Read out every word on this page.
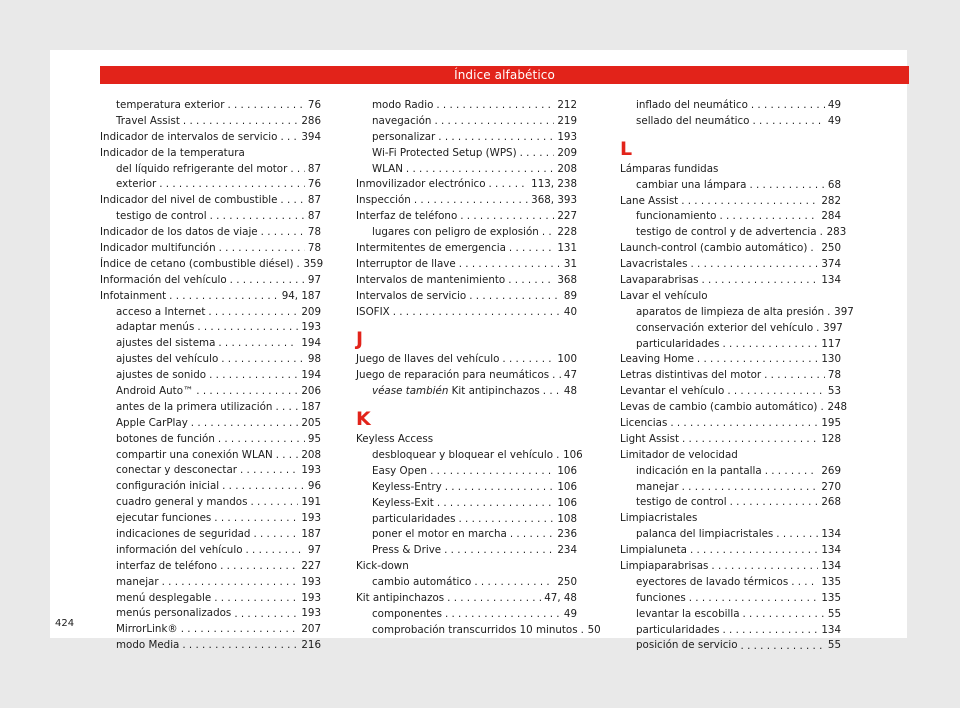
Índice alfabético
temperatura exterior . . .	76
Travel Assist . . .	286
Indicador de intervalos de servicio . . . 394
Indicador de la temperatura
del líquido refrigerante del motor . . . 87
exterior . . .	76
Indicador del nivel de combustible . . .	87
testigo de control . . .	87
Indicador de los datos de viaje . . .	78
Indicador multifunción . . .	78
Índice de cetano (combustible diésel) . . . 359
Información del vehículo . . .	97
Infotainment . . .	94, 187
acceso a Internet . . .	209
adaptar menús . . .	193
ajustes del sistema . . .	194
ajustes del vehículo . . .	98
ajustes de sonido . . .	194
Android Auto™ . . .	206
antes de la primera utilización . . .	187
Apple CarPlay . . .	205
botones de función . . .	95
compartir una conexión WLAN . . .	208
conectar y desconectar . . .	193
configuración inicial . . .	96
cuadro general y mandos . . .	191
ejecutar funciones . . .	193
indicaciones de seguridad . . .	187
información del vehículo . . .	97
interfaz de teléfono . . .	227
manejar . . .	193
menú desplegable . . .	193
menús personalizados . . .	193
MirrorLink® . . .	207
modo Media . . .	216
modo Radio . . .	212
navegación . . .	219
personalizar . . .	193
Wi-Fi Protected Setup (WPS) . . .	209
WLAN . . .	208
Inmovilizador electrónico . . .	113, 238
Inspección . . .	368, 393
Interfaz de teléfono . . .	227
lugares con peligro de explosión . . . 228
Intermitentes de emergencia . . .	131
Interruptor de llave . . .	31
Intervalos de mantenimiento . . .	368
Intervalos de servicio . . .	89
ISOFIX . . .	40
J
Juego de llaves del vehículo . . .	100
Juego de reparación para neumáticos . . . 47
véase también Kit antipinchazos . . . 48
K
Keyless Access
desbloquear y bloquear el vehículo . . . 106
Easy Open . . .	106
Keyless-Entry . . .	106
Keyless-Exit . . .	106
particularidades . . .	108
poner el motor en marcha . . .	236
Press & Drive . . .	234
Kick-down
cambio automático . . .	250
Kit antipinchazos . . .	47, 48
componentes . . .	49
comprobación transcurridos 10 minutos . . . 50
inflado del neumático . . .	49
sellado del neumático . . .	49
L
Lámparas fundidas
cambiar una lámpara . . .	68
Lane Assist . . .	282
funcionamiento . . .	284
testigo de control y de advertencia . . . 283
Launch-control (cambio automático) . . . 250
Lavacristales . . .	374
Lavaparabrisas . . .	134
Lavar el vehículo
aparatos de limpieza de alta presión . . . 397
conservación exterior del vehículo . . . 397
particularidades . . .	117
Leaving Home . . .	130
Letras distintivas del motor . . .	78
Levantar el vehículo . . .	53
Levas de cambio (cambio automático) . . . 248
Licencias . . .	195
Light Assist . . .	128
Limitador de velocidad
indicación en la pantalla . . .	269
manejar . . .	270
testigo de control . . .	268
Limpiacristales
palanca del limpiacristales . . .	134
Limpialuneta . . .	134
Limpiaparabrisas . . .	134
eyectores de lavado térmicos . . .	135
funciones . . .	135
levantar la escobilla . . .	55
particularidades . . .	134
posición de servicio . . .	55
424
